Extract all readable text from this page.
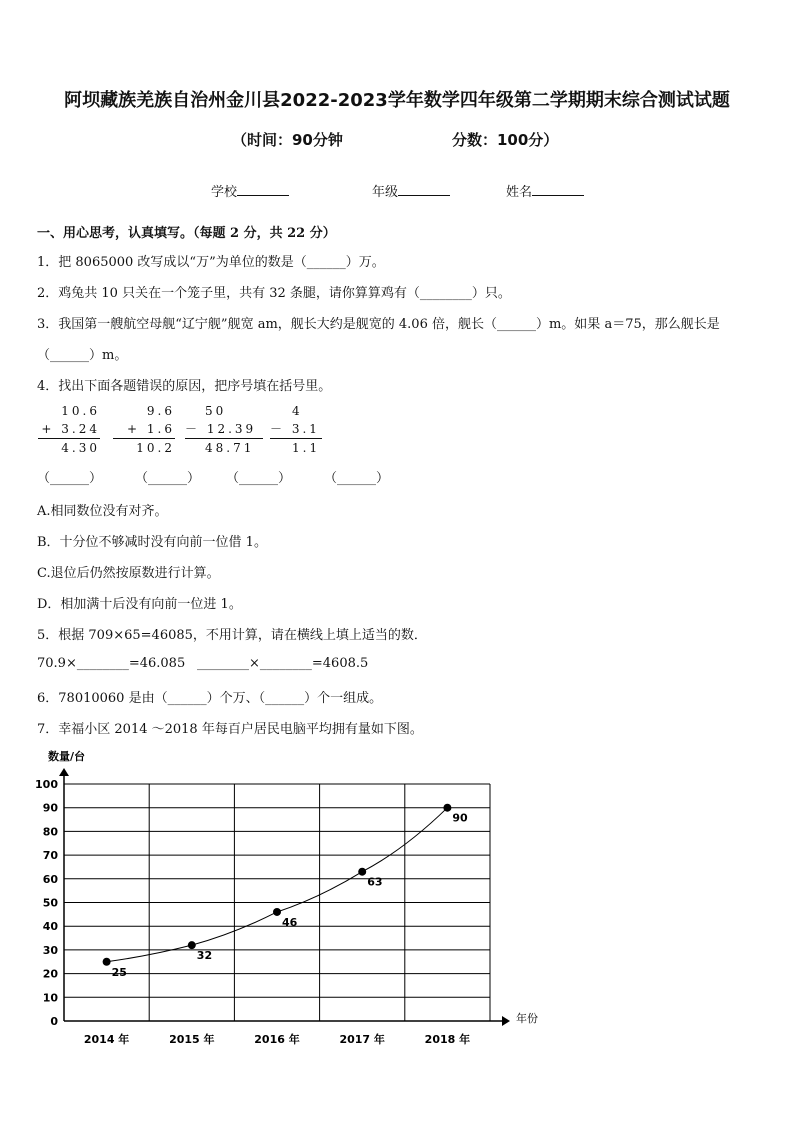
阿坝藏族羌族自治州金川县2022-2023学年数学四年级第二学期期末综合测试试题
（时间：90分钟	分数：100分）
学校	年级	姓名
一、用心思考，认真填写。（每题 2 分，共 22 分）
1．把 8065000 改写成以“万”为单位的数是（______）万。
2．鸡兔共 10 只关在一个笼子里，共有 32 条腿，请你算算鸡有（________）只。
3．我国第一艘航空母舰“辽宁舰”舰宽 am，舰长大约是舰宽的 4.06 倍，舰长（______）m。如果 a＝75，那么舰长是
（______）m。
4．找出下面各题错误的原因，把序号填在括号里。
10.6
+ 3.24
4.30
9.6
+ 1.6
10.2
50
－ 12.39
48.71
4
－ 3.1
1.1
（______）	（______） （______）	（______）
A.相同数位没有对齐。
B．十分位不够减时没有向前一位借 1。
C.退位后仍然按原数进行计算。
D．相加满十后没有向前一位进 1。
5．根据 709×65=46085，不用计算，请在横线上填上适当的数．
70.9×________=46.085 ________×________=4608.5
6．78010060 是由（______）个万、（______）个一组成。
7．幸福小区 2014 ～2018 年每百户居民电脑平均拥有量如下图。
数量/台
年份
0
10
20
30
40
50
60
70
80
90
100
2014 年	2015 年	2016 年	2017 年	2018 年
25
32
46
63
90
